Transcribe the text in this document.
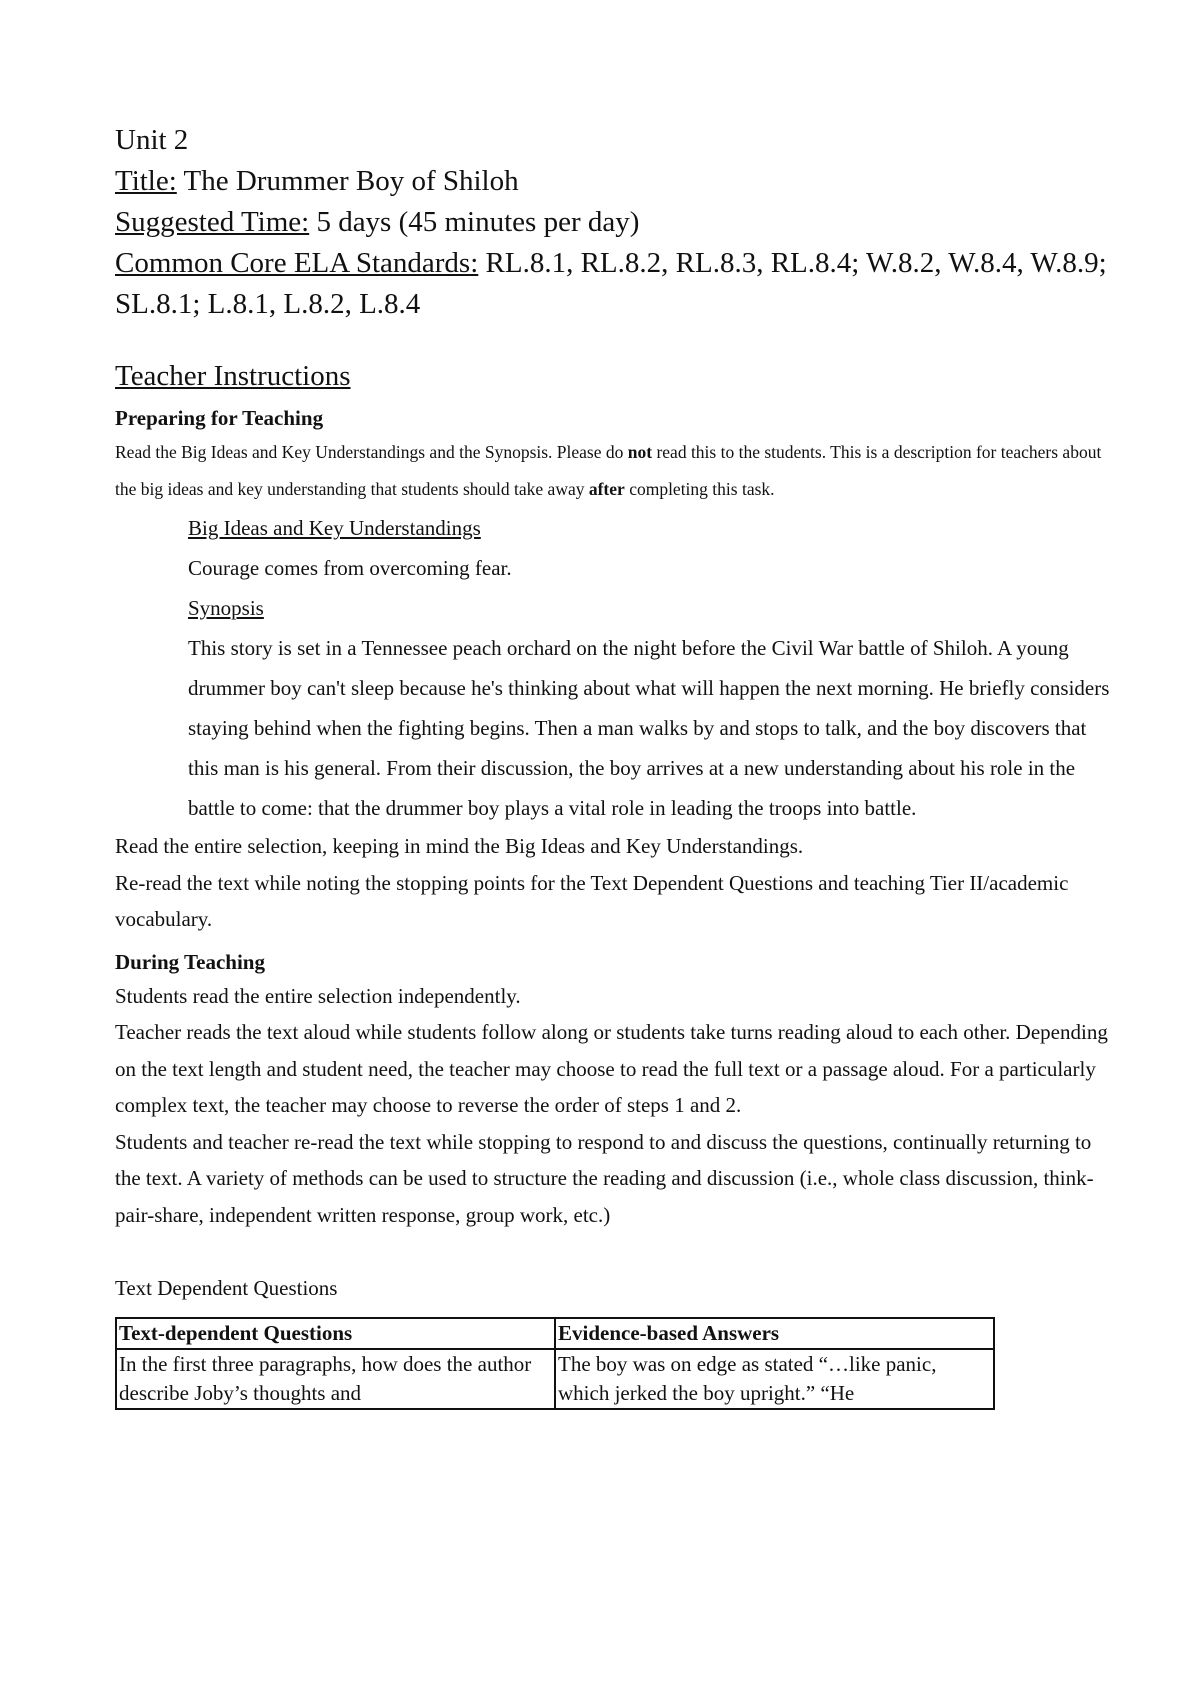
Unit 2

Title: The Drummer Boy of Shiloh

Suggested Time: 5 days (45 minutes per day)

Common Core ELA Standards: RL.8.1, RL.8.2, RL.8.3, RL.8.4; W.8.2, W.8.4, W.8.9; SL.8.1; L.8.1, L.8.2, L.8.4

Teacher Instructions
Preparing for Teaching

Read the Big Ideas and Key Understandings and the Synopsis. Please do not read this to the students. This is a description for teachers about the big ideas and key understanding that students should take away after completing this task.

Big Ideas and Key Understandings

Courage comes from overcoming fear.

Synopsis

This story is set in a Tennessee peach orchard on the night before the Civil War battle of Shiloh. A young drummer boy can't sleep because he's thinking about what will happen the next morning. He briefly considers staying behind when the fighting begins. Then a man walks by and stops to talk, and the boy discovers that this man is his general. From their discussion, the boy arrives at a new understanding about his role in the battle to come: that the drummer boy plays a vital role in leading the troops into battle.

Read the entire selection, keeping in mind the Big Ideas and Key Understandings.

Re-read the text while noting the stopping points for the Text Dependent Questions and teaching Tier II/academic vocabulary.

During Teaching

Students read the entire selection independently.

Teacher reads the text aloud while students follow along or students take turns reading aloud to each other. Depending on the text length and student need, the teacher may choose to read the full text or a passage aloud. For a particularly complex text, the teacher may choose to reverse the order of steps 1 and 2.

Students and teacher re-read the text while stopping to respond to and discuss the questions, continually returning to the text. A variety of methods can be used to structure the reading and discussion (i.e., whole class discussion, think-pair-share, independent written response, group work, etc.)

Text Dependent Questions

Text-dependent Questions	Evidence-based Answers
In the first three paragraphs, how does the author describe Joby’s thoughts and	The boy was on edge as stated “…like panic, which jerked the boy upright.” “He
